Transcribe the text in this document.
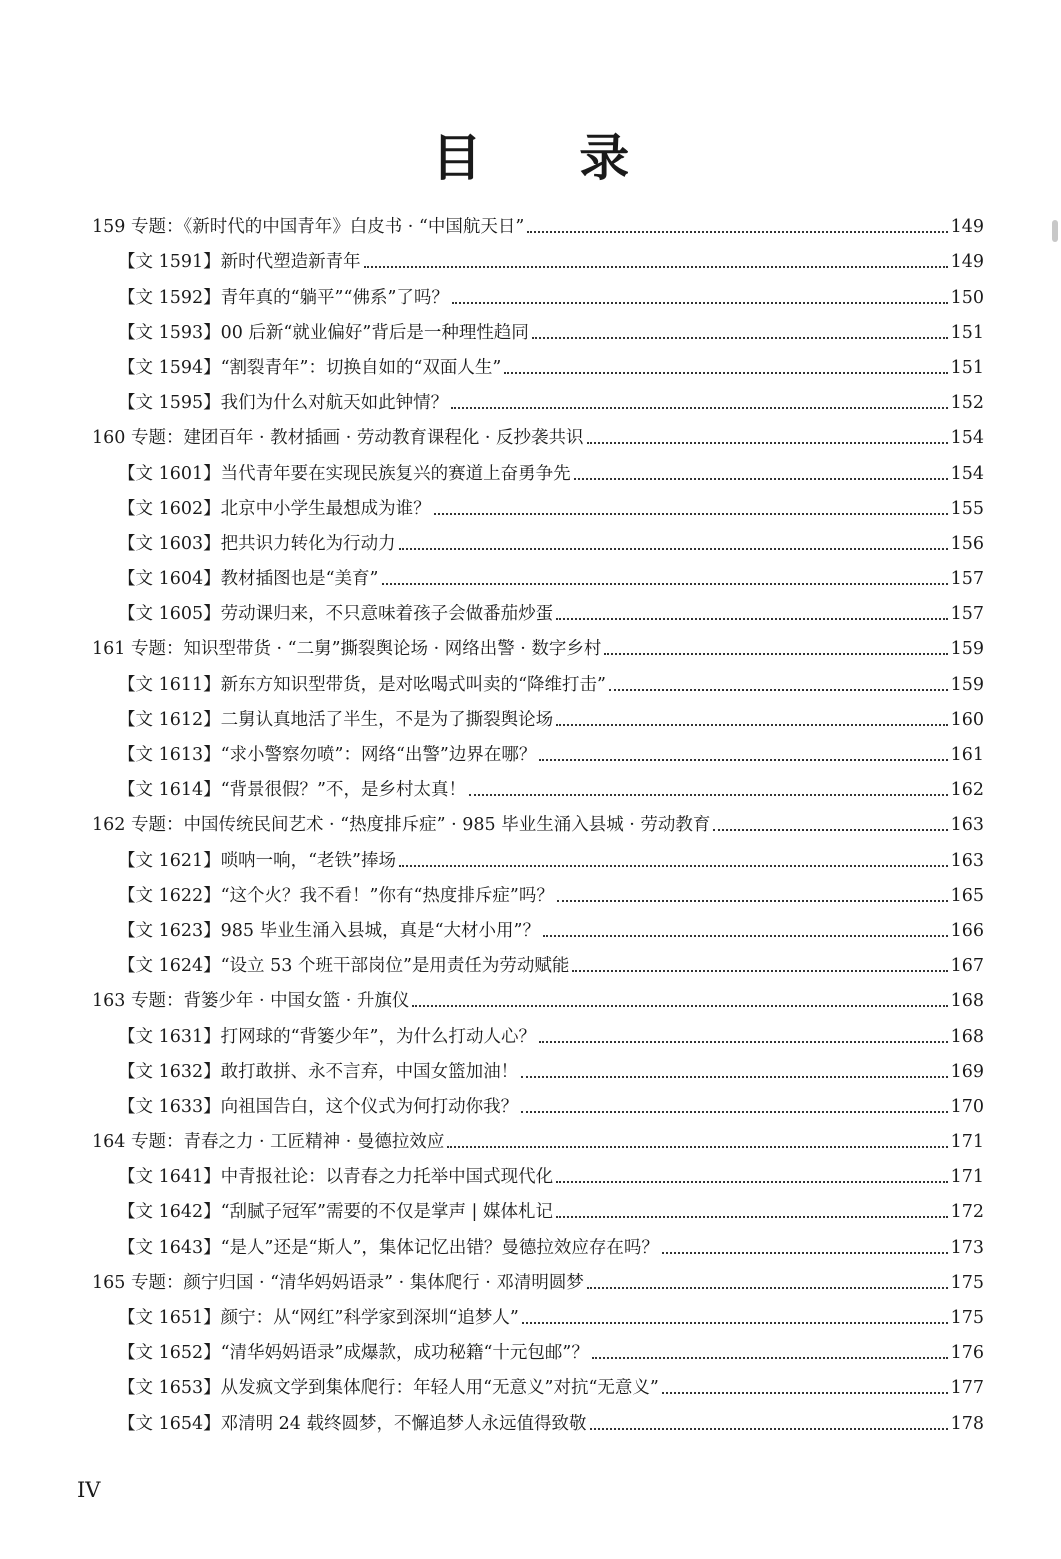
目 录
159 专题：《新时代的中国青年》白皮书 · “中国航天日”	149
【文 1591】新时代塑造新青年	149
【文 1592】青年真的“躺平”“佛系”了吗？	150
【文 1593】00 后新“就业偏好”背后是一种理性趋同	151
【文 1594】“割裂青年”：切换自如的“双面人生”	151
【文 1595】我们为什么对航天如此钟情？	152
160 专题：建团百年 · 教材插画 · 劳动教育课程化 · 反抄袭共识	154
【文 1601】当代青年要在实现民族复兴的赛道上奋勇争先	154
【文 1602】北京中小学生最想成为谁？	155
【文 1603】把共识力转化为行动力	156
【文 1604】教材插图也是“美育”	157
【文 1605】劳动课归来，不只意味着孩子会做番茄炒蛋	157
161 专题：知识型带货 · “二舅”撕裂舆论场 · 网络出警 · 数字乡村	159
【文 1611】新东方知识型带货，是对吆喝式叫卖的“降维打击”	159
【文 1612】二舅认真地活了半生，不是为了撕裂舆论场	160
【文 1613】“求小警察勿喷”：网络“出警”边界在哪？	161
【文 1614】“背景很假？”不，是乡村太真！	162
162 专题：中国传统民间艺术 · “热度排斥症” · 985 毕业生涌入县城 · 劳动教育	163
【文 1621】唢呐一响，“老铁”捧场	163
【文 1622】“这个火？我不看！”你有“热度排斥症”吗？	165
【文 1623】985 毕业生涌入县城，真是“大材小用”？	166
【文 1624】“设立 53 个班干部岗位”是用责任为劳动赋能	167
163 专题：背篓少年 · 中国女篮 · 升旗仪	168
【文 1631】打网球的“背篓少年”，为什么打动人心？	168
【文 1632】敢打敢拼、永不言弃，中国女篮加油！	169
【文 1633】向祖国告白，这个仪式为何打动你我？	170
164 专题：青春之力 · 工匠精神 · 曼德拉效应	171
【文 1641】中青报社论：以青春之力托举中国式现代化	171
【文 1642】“刮腻子冠军”需要的不仅是掌声 | 媒体札记	172
【文 1643】“是人”还是“斯人”，集体记忆出错？曼德拉效应存在吗？	173
165 专题：颜宁归国 · “清华妈妈语录” · 集体爬行 · 邓清明圆梦	175
【文 1651】颜宁：从“网红”科学家到深圳“追梦人”	175
【文 1652】“清华妈妈语录”成爆款，成功秘籍“十元包邮”？	176
【文 1653】从发疯文学到集体爬行：年轻人用“无意义”对抗“无意义”	177
【文 1654】邓清明 24 载终圆梦，不懈追梦人永远值得致敬	178
IV
